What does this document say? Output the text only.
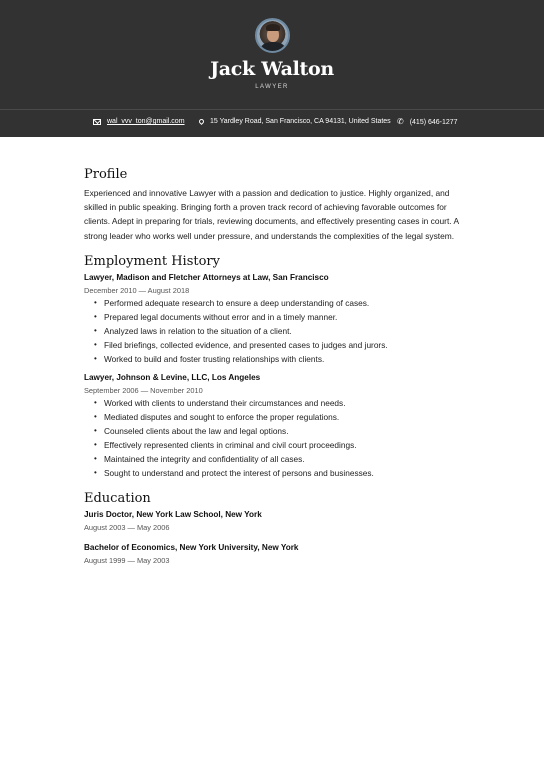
Jack Walton
LAWYER
wal_vvv_ton@gmail.com	15 Yardley Road, San Francisco, CA 94131, United States ✆ (415) 646-1277
Profile
Experienced and innovative Lawyer with a passion and dedication to justice. Highly organized, and skilled in public speaking. Bringing forth a proven track record of achieving favorable outcomes for clients. Adept in preparing for trials, reviewing documents, and effectively presenting cases in court. A strong leader who works well under pressure, and understands the complexities of the legal system.
Employment History
Lawyer, Madison and Fletcher Attorneys at Law, San Francisco
December 2010 — August 2018
• Performed adequate research to ensure a deep understanding of cases.
• Prepared legal documents without error and in a timely manner.
• Analyzed laws in relation to the situation of a client.
• Filed briefings, collected evidence, and presented cases to judges and jurors.
• Worked to build and foster trusting relationships with clients.
Lawyer, Johnson & Levine, LLC, Los Angeles
September 2006 — November 2010
• Worked with clients to understand their circumstances and needs.
• Mediated disputes and sought to enforce the proper regulations.
• Counseled clients about the law and legal options.
• Effectively represented clients in criminal and civil court proceedings.
• Maintained the integrity and confidentiality of all cases.
• Sought to understand and protect the interest of persons and businesses.
Education
Juris Doctor, New York Law School, New York
August 2003 — May 2006
Bachelor of Economics, New York University, New York
August 1999 — May 2003
